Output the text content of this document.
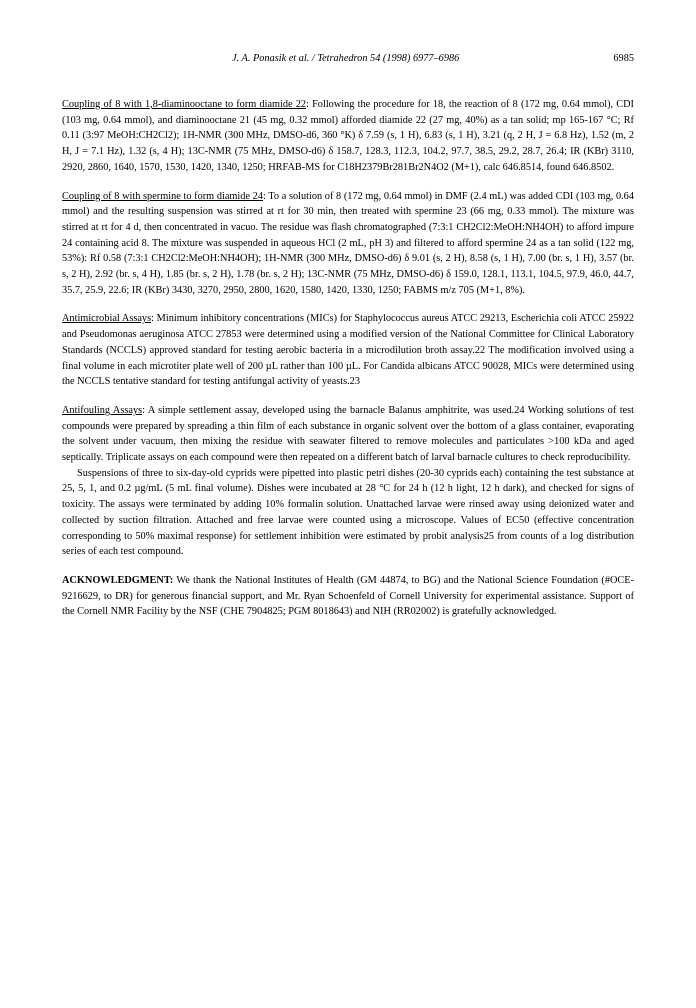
J. A. Ponasik et al. / Tetrahedron 54 (1998) 6977–6986	6985

Coupling of 8 with 1,8-diaminooctane to form diamide 22: Following the procedure for 18, the reaction of 8 (172 mg, 0.64 mmol), CDI (103 mg, 0.64 mmol), and diaminooctane 21 (45 mg, 0.32 mmol) afforded diamide 22 (27 mg, 40%) as a tan solid; mp 165-167 °C; Rf 0.11 (3:97 MeOH:CH2Cl2); 1H-NMR (300 MHz, DMSO-d6, 360 °K) δ 7.59 (s, 1 H), 6.83 (s, 1 H), 3.21 (q, 2 H, J = 6.8 Hz), 1.52 (m, 2 H, J = 7.1 Hz), 1.32 (s, 4 H); 13C-NMR (75 MHz, DMSO-d6) δ 158.7, 128.3, 112.3, 104.2, 97.7, 38.5, 29.2, 28.7, 26.4; IR (KBr) 3110, 2920, 2860, 1640, 1570, 1530, 1420, 1340, 1250; HRFAB-MS for C18H2379Br281Br2N4O2 (M+1), calc 646.8514, found 646.8502.

Coupling of 8 with spermine to form diamide 24: To a solution of 8 (172 mg, 0.64 mmol) in DMF (2.4 mL) was added CDI (103 mg, 0.64 mmol) and the resulting suspension was stirred at rt for 30 min, then treated with spermine 23 (66 mg, 0.33 mmol). The mixture was stirred at rt for 4 d, then concentrated in vacuo. The residue was flash chromatographed (7:3:1 CH2Cl2:MeOH:NH4OH) to afford impure 24 containing acid 8. The mixture was suspended in aqueous HCl (2 mL, pH 3) and filtered to afford spermine 24 as a tan solid (122 mg, 53%): Rf 0.58 (7:3:1 CH2Cl2:MeOH:NH4OH); 1H-NMR (300 MHz, DMSO-d6) δ 9.01 (s, 2 H), 8.58 (s, 1 H), 7.00 (br. s, 1 H), 3.57 (br. s, 2 H), 2.92 (br. s, 4 H), 1.85 (br. s, 2 H), 1.78 (br. s, 2 H); 13C-NMR (75 MHz, DMSO-d6) δ 159.0, 128.1, 113.1, 104.5, 97.9, 46.0, 44.7, 35.7, 25.9, 22.6; IR (KBr) 3430, 3270, 2950, 2800, 1620, 1580, 1420, 1330, 1250; FABMS m/z 705 (M+1, 8%).

Antimicrobial Assays: Minimum inhibitory concentrations (MICs) for Staphylococcus aureus ATCC 29213, Escherichia coli ATCC 25922 and Pseudomonas aeruginosa ATCC 27853 were determined using a modified version of the National Committee for Clinical Laboratory Standards (NCCLS) approved standard for testing aerobic bacteria in a microdilution broth assay.22 The modification involved using a final volume in each microtiter plate well of 200 µL rather than 100 µL. For Candida albicans ATCC 90028, MICs were determined using the NCCLS tentative standard for testing antifungal activity of yeasts.23

Antifouling Assays: A simple settlement assay, developed using the barnacle Balanus amphitrite, was used.24 Working solutions of test compounds were prepared by spreading a thin film of each substance in organic solvent over the bottom of a glass container, evaporating the solvent under vacuum, then mixing the residue with seawater filtered to remove molecules and particulates >100 kDa and aged septically. Triplicate assays on each compound were then repeated on a different batch of larval barnacle cultures to check reproducibility.

Suspensions of three to six-day-old cyprids were pipetted into plastic petri dishes (20-30 cyprids each) containing the test substance at 25, 5, 1, and 0.2 µg/mL (5 mL final volume). Dishes were incubated at 28 °C for 24 h (12 h light, 12 h dark), and checked for signs of toxicity. The assays were terminated by adding 10% formalin solution. Unattached larvae were rinsed away using deionized water and collected by suction filtration. Attached and free larvae were counted using a microscope. Values of EC50 (effective concentration corresponding to 50% maximal response) for settlement inhibition were estimated by probit analysis25 from counts of a log distribution series of each test compound.

ACKNOWLEDGMENT: We thank the National Institutes of Health (GM 44874, to BG) and the National Science Foundation (#OCE-9216629, to DR) for generous financial support, and Mr. Ryan Schoenfeld of Cornell University for experimental assistance. Support of the Cornell NMR Facility by the NSF (CHE 7904825; PGM 8018643) and NIH (RR02002) is gratefully acknowledged.
